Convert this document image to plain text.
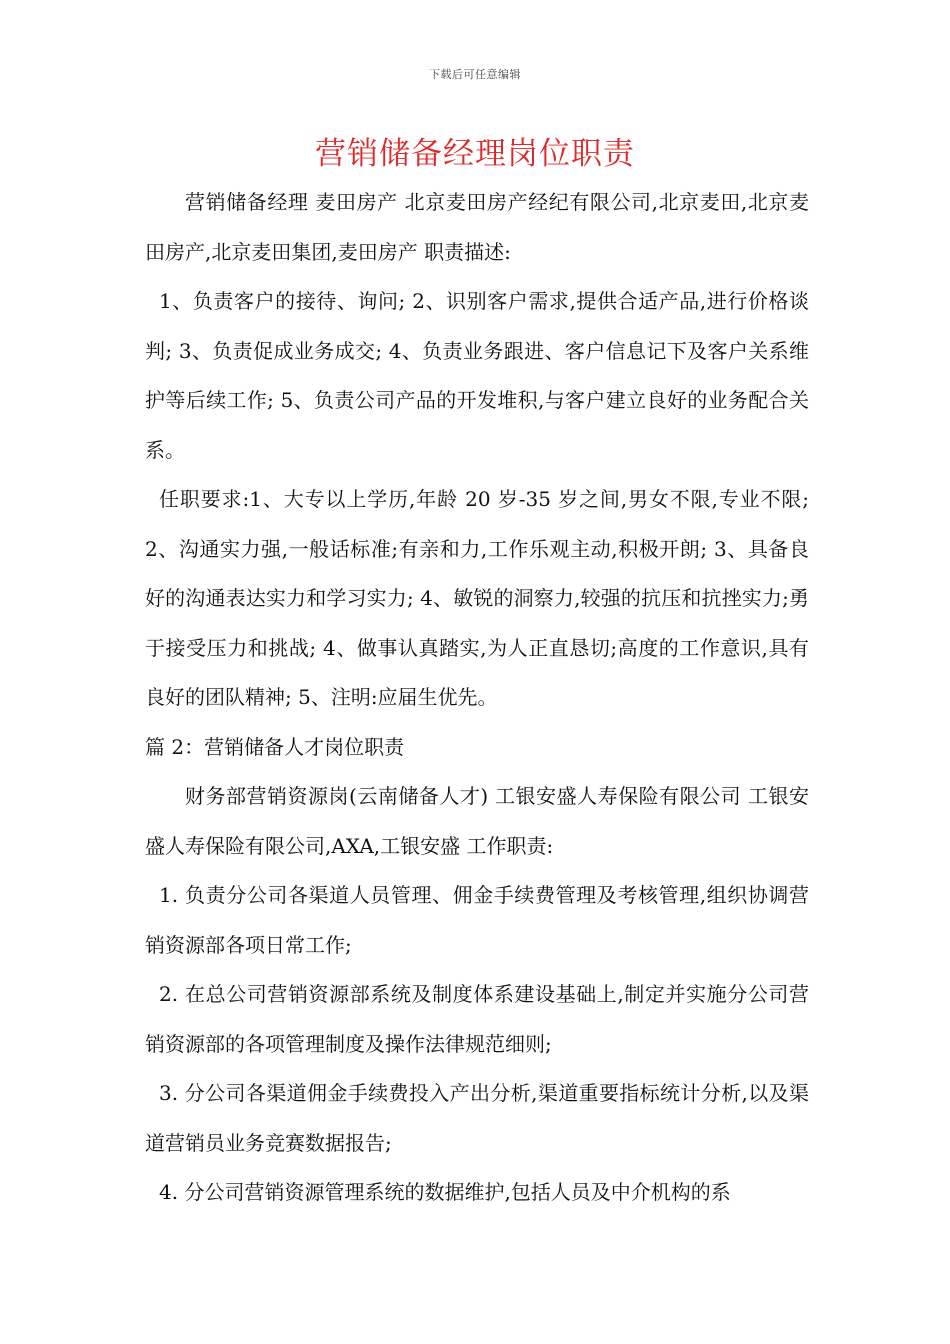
下载后可任意编辑
营销储备经理岗位职责

营销储备经理 麦田房产 北京麦田房产经纪有限公司,北京麦田,北京麦田房产,北京麦田集团,麦田房产 职责描述:

1、负责客户的接待、询问; 2、识别客户需求,提供合适产品,进行价格谈判; 3、负责促成业务成交; 4、负责业务跟进、客户信息记下及客户关系维护等后续工作; 5、负责公司产品的开发堆积,与客户建立良好的业务配合关系。

任职要求:1、大专以上学历,年龄 20 岁-35 岁之间,男女不限,专业不限; 2、沟通实力强,一般话标准;有亲和力,工作乐观主动,积极开朗; 3、具备良好的沟通表达实力和学习实力; 4、敏锐的洞察力,较强的抗压和抗挫实力;勇于接受压力和挑战; 4、做事认真踏实,为人正直恳切;高度的工作意识,具有良好的团队精神; 5、注明:应届生优先。

篇 2：营销储备人才岗位职责

财务部营销资源岗(云南储备人才) 工银安盛人寿保险有限公司 工银安盛人寿保险有限公司,AXA,工银安盛 工作职责:

1. 负责分公司各渠道人员管理、佣金手续费管理及考核管理,组织协调营销资源部各项日常工作;

2. 在总公司营销资源部系统及制度体系建设基础上,制定并实施分公司营销资源部的各项管理制度及操作法律规范细则;

3. 分公司各渠道佣金手续费投入产出分析,渠道重要指标统计分析,以及渠道营销员业务竞赛数据报告;

4. 分公司营销资源管理系统的数据维护,包括人员及中介机构的系
